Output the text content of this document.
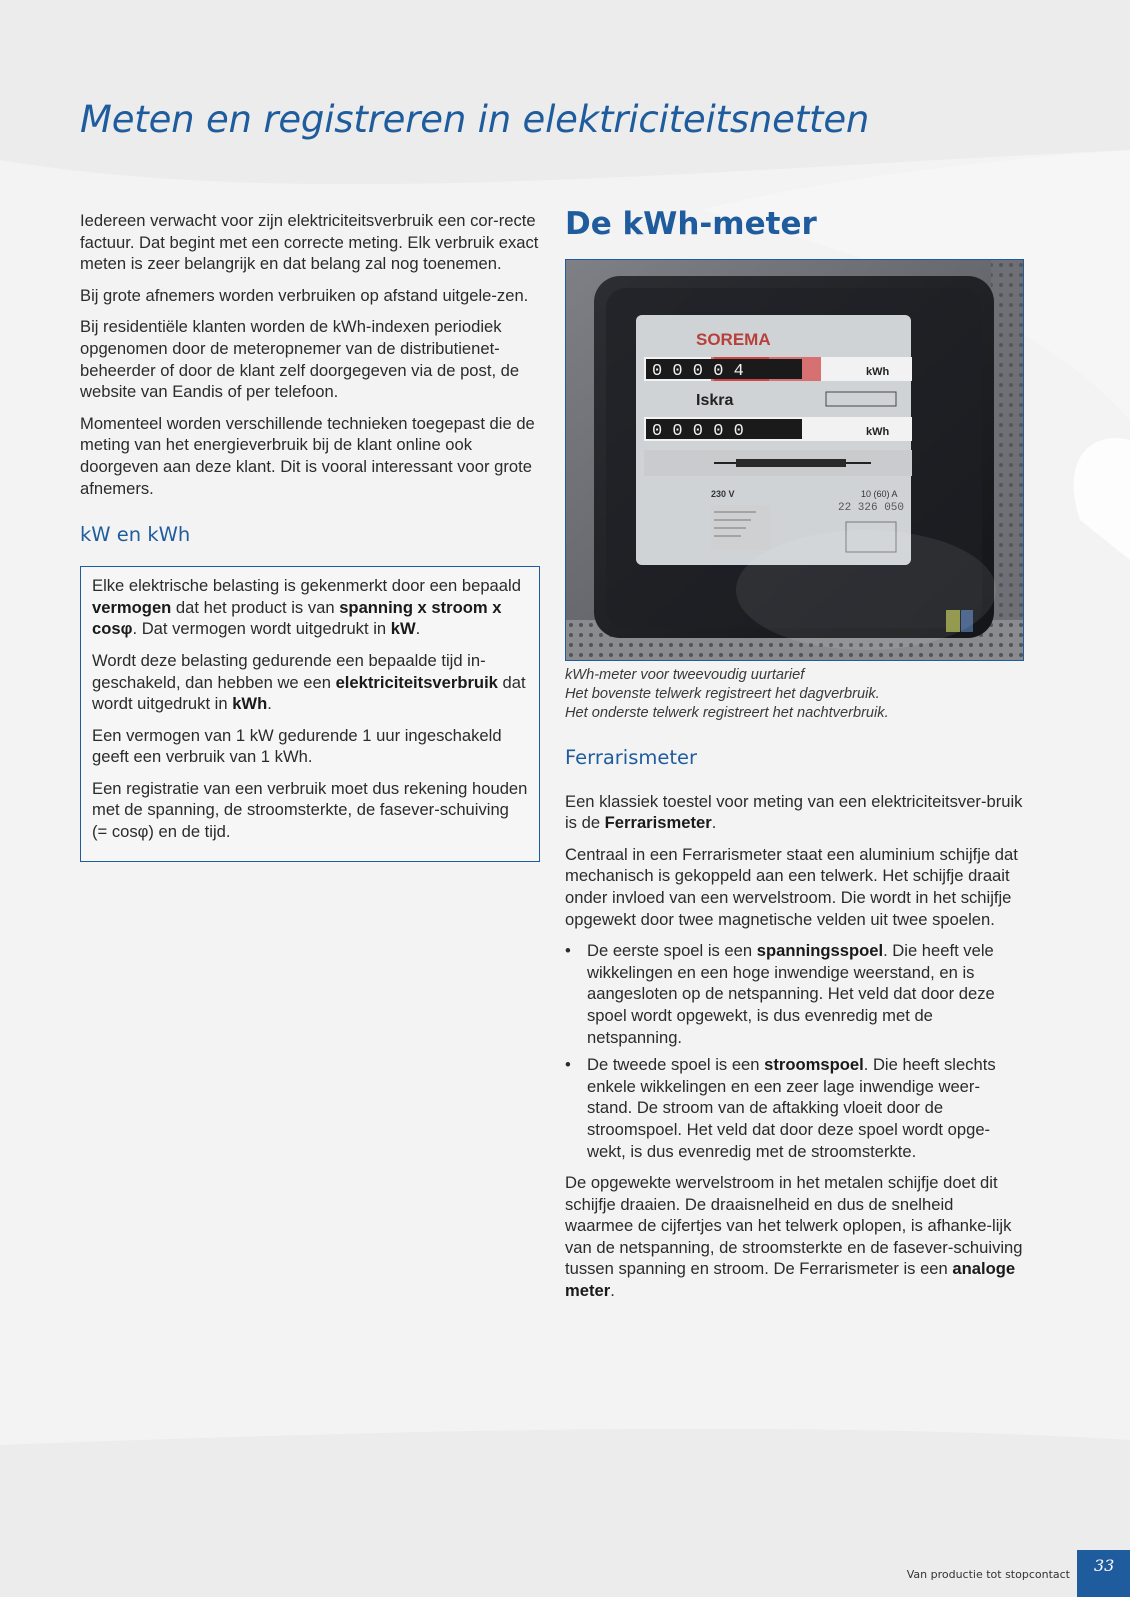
Meten en registreren in elektriciteitsnetten

Iedereen verwacht voor zijn elektriciteitsverbruik een cor-recte factuur. Dat begint met een correcte meting. Elk verbruik exact meten is zeer belangrijk en dat belang zal nog toenemen.

Bij grote afnemers worden verbruiken op afstand uitgele-zen.

Bij residentiële klanten worden de kWh-indexen periodiek opgenomen door de meteropnemer van de distributienet-beheerder of door de klant zelf doorgegeven via de post, de website van Eandis of per telefoon.

Momenteel worden verschillende technieken toegepast die de meting van het energieverbruik bij de klant online ook doorgeven aan deze klant. Dit is vooral interessant voor grote afnemers.

kW en kWh

Elke elektrische belasting is gekenmerkt door een bepaald vermogen dat het product is van spanning x stroom x cosφ. Dat vermogen wordt uitgedrukt in kW.

Wordt deze belasting gedurende een bepaalde tijd in-geschakeld, dan hebben we een elektriciteitsverbruik dat wordt uitgedrukt in kWh.

Een vermogen van 1 kW gedurende 1 uur ingeschakeld geeft een verbruik van 1 kWh.

Een registratie van een verbruik moet dus rekening houden met de spanning, de stroomsterkte, de fasever-schuiving (= cosφ) en de tijd.

De kWh-meter
SOREMA
0 0 0 0 4	kWh
Iskra
0 0 0 0 0	kWh
230 V	10 (60) A
22 326 050
kWh-meter voor tweevoudig uurtarief
Het bovenste telwerk registreert het dagverbruik.
Het onderste telwerk registreert het nachtverbruik.
Ferrarismeter

Een klassiek toestel voor meting van een elektriciteitsver-bruik is de Ferrarismeter.

Centraal in een Ferrarismeter staat een aluminium schijfje dat mechanisch is gekoppeld aan een telwerk. Het schijfje draait onder invloed van een wervelstroom. Die wordt in het schijfje opgewekt door twee magnetische velden uit twee spoelen.

• De eerste spoel is een spanningsspoel. Die heeft vele wikkelingen en een hoge inwendige weerstand, en is aangesloten op de netspanning. Het veld dat door deze spoel wordt opgewekt, is dus evenredig met de netspanning.
• De tweede spoel is een stroomspoel. Die heeft slechts enkele wikkelingen en een zeer lage inwendige weer-stand. De stroom van de aftakking vloeit door de stroomspoel. Het veld dat door deze spoel wordt opge-wekt, is dus evenredig met de stroomsterkte.

De opgewekte wervelstroom in het metalen schijfje doet dit schijfje draaien. De draaisnelheid en dus de snelheid waarmee de cijfertjes van het telwerk oplopen, is afhanke-lijk van de netspanning, de stroomsterkte en de fasever-schuiving tussen spanning en stroom. De Ferrarismeter is een analoge meter.

Van productie tot stopcontact	33
